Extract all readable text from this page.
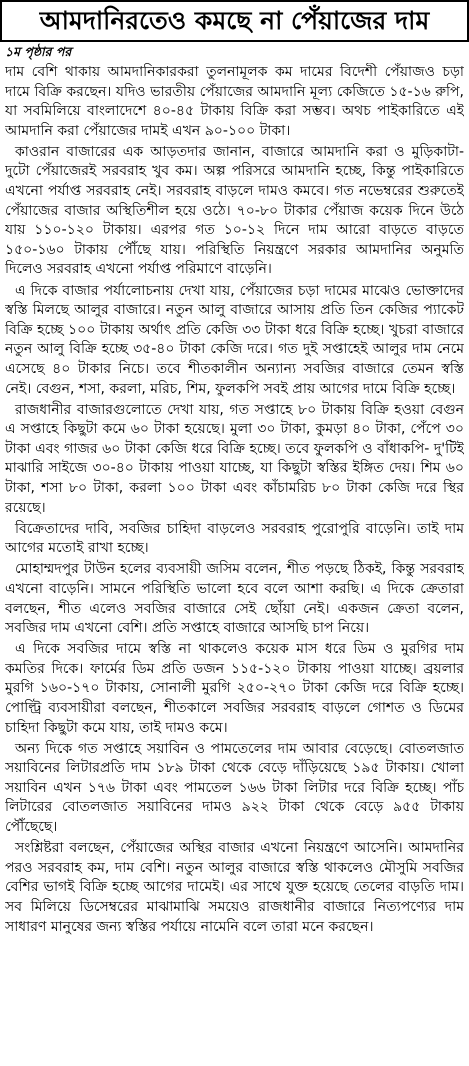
আমদানিরতেও কমছে না পেঁয়াজের দাম
১ম পৃষ্ঠার পর

দাম বেশি থাকায় আমদানিকারকরা তুলনামূলক কম দামের বিদেশী পেঁয়াজও চড়া দামে বিক্রি করছেন। যদিও ভারতীয় পেঁয়াজের আমদানি মূল্য কেজিতে ১৫-১৬ রুপি, যা সবমিলিয়ে বাংলাদেশে ৪০-৪৫ টাকায় বিক্রি করা সম্ভব। অথচ পাইকারিতে এই আমদানি করা পেঁয়াজের দামই এখন ৯০-১০০ টাকা।

কাওরান বাজারের এক আড়তদার জানান, বাজারে আমদানি করা ও মুড়িকাটা-দুটো পেঁয়াজেরই সরবরাহ খুব কম। অল্প পরিসরে আমদানি হচ্ছে, কিন্তু পাইকারিতে এখনো পর্যাপ্ত সরবরাহ নেই। সরবরাহ বাড়লে দামও কমবে। গত নভেম্বরের শুরুতেই পেঁয়াজের বাজার অস্থিতিশীল হয়ে ওঠে। ৭০-৮০ টাকার পেঁয়াজ কয়েক দিনে উঠে যায় ১১০-১২০ টাকায়। এরপর গত ১০-১২ দিনে দাম আরো বাড়তে বাড়তে ১৫০-১৬০ টাকায় পৌঁছে যায়। পরিস্থিতি নিয়ন্ত্রণে সরকার আমদানির অনুমতি দিলেও সরবরাহ এখনো পর্যাপ্ত পরিমাণে বাড়েনি।

এ দিকে বাজার পর্যালোচনায় দেখা যায়, পেঁয়াজের চড়া দামের মাঝেও ভোক্তাদের স্বস্তি মিলছে আলুর বাজারে। নতুন আলু বাজারে আসায় প্রতি তিন কেজির প্যাকেট বিক্রি হচ্ছে ১০০ টাকায় অর্থাৎ প্রতি কেজি ৩৩ টাকা ধরে বিক্রি হচ্ছে। খুচরা বাজারে নতুন আলু বিক্রি হচ্ছে ৩৫-৪০ টাকা কেজি দরে। গত দুই সপ্তাহেই আলুর দাম নেমে এসেছে ৪০ টাকার নিচে। তবে শীতকালীন অন্যান্য সবজির বাজারে তেমন স্বস্তি নেই। বেগুন, শসা, করলা, মরিচ, শিম, ফুলকপি সবই প্রায় আগের দামে বিক্রি হচ্ছে।

রাজধানীর বাজারগুলোতে দেখা যায়, গত সপ্তাহে ৮০ টাকায় বিক্রি হওয়া বেগুন এ সপ্তাহে কিছুটা কমে ৬০ টাকা হয়েছে। মুলা ৩০ টাকা, কুমড়া ৪০ টাকা, পেঁপে ৩০ টাকা এবং গাজর ৬০ টাকা কেজি ধরে বিক্রি হচ্ছে। তবে ফুলকপি ও বাঁধাকপি- দু'টিই মাঝারি সাইজে ৩০-৪০ টাকায় পাওয়া যাচ্ছে, যা কিছুটা স্বস্তির ইঙ্গিত দেয়। শিম ৬০ টাকা, শসা ৮০ টাকা, করলা ১০০ টাকা এবং কাঁচামরিচ ৮০ টাকা কেজি দরে স্থির রয়েছে।

বিক্রেতাদের দাবি, সবজির চাহিদা বাড়লেও সরবরাহ পুরোপুরি বাড়েনি। তাই দাম আগের মতোই রাখা হচ্ছে।

মোহাম্মদপুর টাউন হলের ব্যবসায়ী জসিম বলেন, শীত পড়ছে ঠিকই, কিন্তু সরবরাহ এখনো বাড়েনি। সামনে পরিস্থিতি ভালো হবে বলে আশা করছি। এ দিকে ক্রেতারা বলছেন, শীত এলেও সবজির বাজারে সেই ছোঁয়া নেই। একজন ক্রেতা বলেন, সবজির দাম এখনো বেশি। প্রতি সপ্তাহে বাজারে আসছি চাপ নিয়ে।

এ দিকে সবজির দামে স্বস্তি না থাকলেও কয়েক মাস ধরে ডিম ও মুরগির দাম কমতির দিকে। ফার্মের ডিম প্রতি ডজন ১১৫-১২০ টাকায় পাওয়া যাচ্ছে। ব্রয়লার মুরগি ১৬০-১৭০ টাকায়, সোনালী মুরগি ২৫০-২৭০ টাকা কেজি দরে বিক্রি হচ্ছে। পোল্ট্রি ব্যবসায়ীরা বলছেন, শীতকালে সবজির সরবরাহ বাড়লে গোশত ও ডিমের চাহিদা কিছুটা কমে যায়, তাই দামও কমে।

অন্য দিকে গত সপ্তাহে সয়াবিন ও পামতেলের দাম আবার বেড়েছে। বোতলজাত সয়াবিনের লিটারপ্রতি দাম ১৮৯ টাকা থেকে বেড়ে দাঁড়িয়েছে ১৯৫ টাকায়। খোলা সয়াবিন এখন ১৭৬ টাকা এবং পামতেল ১৬৬ টাকা লিটার দরে বিক্রি হচ্ছে। পাঁচ লিটারের বোতলজাত সয়াবিনের দামও ৯২২ টাকা থেকে বেড়ে ৯৫৫ টাকায় পৌঁছেছে।

সংশ্লিষ্টরা বলছেন, পেঁয়াজের অস্থির বাজার এখনো নিয়ন্ত্রণে আসেনি। আমদানির পরও সরবরাহ কম, দাম বেশি। নতুন আলুর বাজারে স্বস্তি থাকলেও মৌসুমি সবজির বেশির ভাগই বিক্রি হচ্ছে আগের দামেই। এর সাথে যুক্ত হয়েছে তেলের বাড়তি দাম। সব মিলিয়ে ডিসেম্বরের মাঝামাঝি সময়েও রাজধানীর বাজারে নিত্যপণ্যের দাম সাধারণ মানুষের জন্য স্বস্তির পর্যায়ে নামেনি বলে তারা মনে করছেন।
